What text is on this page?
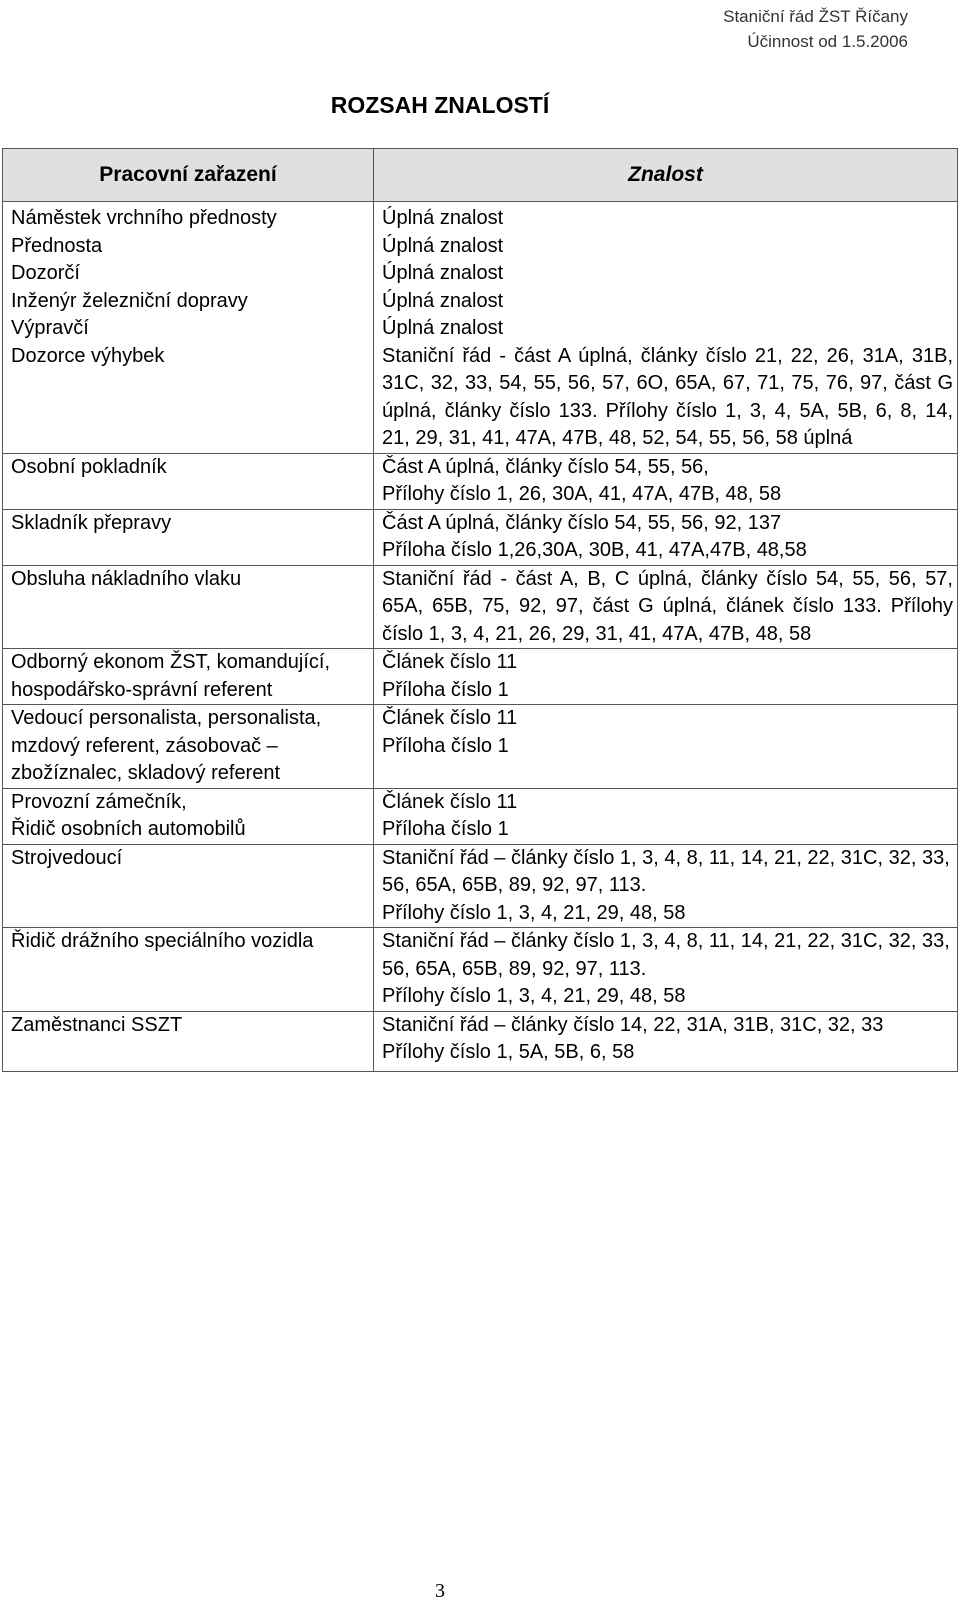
Staniční řád ŽST Říčany
Účinnost od 1.5.2006
ROZSAH ZNALOSTÍ
Pracovní zařazení	Znalost
Náměstek vrchního přednosty	Úplná znalost
Přednosta	Úplná znalost
Dozorčí	Úplná znalost
Inženýr železniční dopravy	Úplná znalost
Výpravčí	Úplná znalost
Dozorce výhybek	Staniční řád - část A úplná, články číslo 21, 22, 26, 31A, 31B, 31C, 32, 33, 54, 55, 56, 57, 6O, 65A, 67, 71, 75, 76, 97, část G úplná, články číslo 133. Přílohy číslo 1, 3, 4, 5A, 5B, 6, 8, 14, 21, 29, 31, 41, 47A, 47B, 48, 52, 54, 55, 56, 58 úplná
Osobní pokladník	Část A úplná, články číslo 54, 55, 56,
Přílohy číslo 1, 26, 30A, 41, 47A, 47B, 48, 58

Skladník přepravy	Část A úplná, články číslo 54, 55, 56, 92, 137
Příloha číslo 1,26,30A, 30B, 41, 47A,47B, 48,58

Obsluha nákladního vlaku	Staniční řád - část A, B, C úplná, články číslo 54, 55, 56, 57, 65A, 65B, 75, 92, 97, část G úplná, článek číslo 133. Přílohy číslo 1, 3, 4, 21, 26, 29, 31, 41, 47A, 47B, 48, 58
Odborný ekonom ŽST, komandující, hospodářsko-správní referent	Článek číslo 11
Příloha číslo 1

Vedoucí personalista, personalista, mzdový referent, zásobovač – zbožíznalec, skladový referent	Článek číslo 11
Příloha číslo 1

Provozní zámečník,
Řidič osobních automobilů	Článek číslo 11
Příloha číslo 1

Strojvedoucí	Staniční řád – články číslo 1, 3, 4, 8, 11, 14, 21, 22, 31C, 32, 33, 56, 65A, 65B, 89, 92, 97, 113.
Přílohy číslo 1, 3, 4, 21, 29, 48, 58

Řidič drážního speciálního vozidla	Staniční řád – články číslo 1, 3, 4, 8, 11, 14, 21, 22, 31C, 32, 33, 56, 65A, 65B, 89, 92, 97, 113.
Přílohy číslo 1, 3, 4, 21, 29, 48, 58

Zaměstnanci SSZT	Staniční řád – články číslo 14, 22, 31A, 31B, 31C, 32, 33
Přílohy číslo 1, 5A, 5B, 6, 58
3
